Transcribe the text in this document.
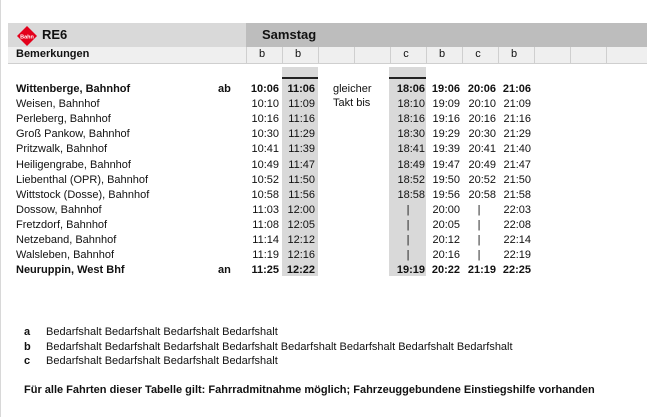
Bahn RE6	Samstag
Bemerkungen	b	b	c	b	c	b
gleicher
Takt bis
Wittenberge, Bahnhof	ab	10:06 11:06	18:06 19:06 20:06 21:06
Weisen, Bahnhof	10:10 11:09	18:10 19:09 20:10 21:09
Perleberg, Bahnhof	10:16 11:16	18:16 19:16 20:16 21:16
Groß Pankow, Bahnhof	10:30 11:29	18:30 19:29 20:30 21:29
Pritzwalk, Bahnhof	10:41 11:39	18:41 19:39 20:41 21:40
Heiligengrabe, Bahnhof	10:49 11:47	18:49 19:47 20:49 21:47
Liebenthal (OPR), Bahnhof	10:52 11:50	18:52 19:50 20:52 21:50
Wittstock (Dosse), Bahnhof	10:58 11:56	18:58 19:56 20:58 21:58
Dossow, Bahnhof	11:03 12:00	|	20:00	|	22:03
Fretzdorf, Bahnhof	11:08 12:05	|	20:05	|	22:08
Netzeband, Bahnhof	11:14 12:12	|	20:12	|	22:14
Walsleben, Bahnhof	11:19 12:16	|	20:16	|	22:19
Neuruppin, West Bhf	an	11:25 12:22	19:19 20:22 21:19 22:25
a Bedarfshalt Bedarfshalt Bedarfshalt Bedarfshalt
b Bedarfshalt Bedarfshalt Bedarfshalt Bedarfshalt Bedarfshalt Bedarfshalt Bedarfshalt Bedarfshalt
c Bedarfshalt Bedarfshalt Bedarfshalt Bedarfshalt
Für alle Fahrten dieser Tabelle gilt: Fahrradmitnahme möglich; Fahrzeuggebundene Einstiegshilfe vorhanden
